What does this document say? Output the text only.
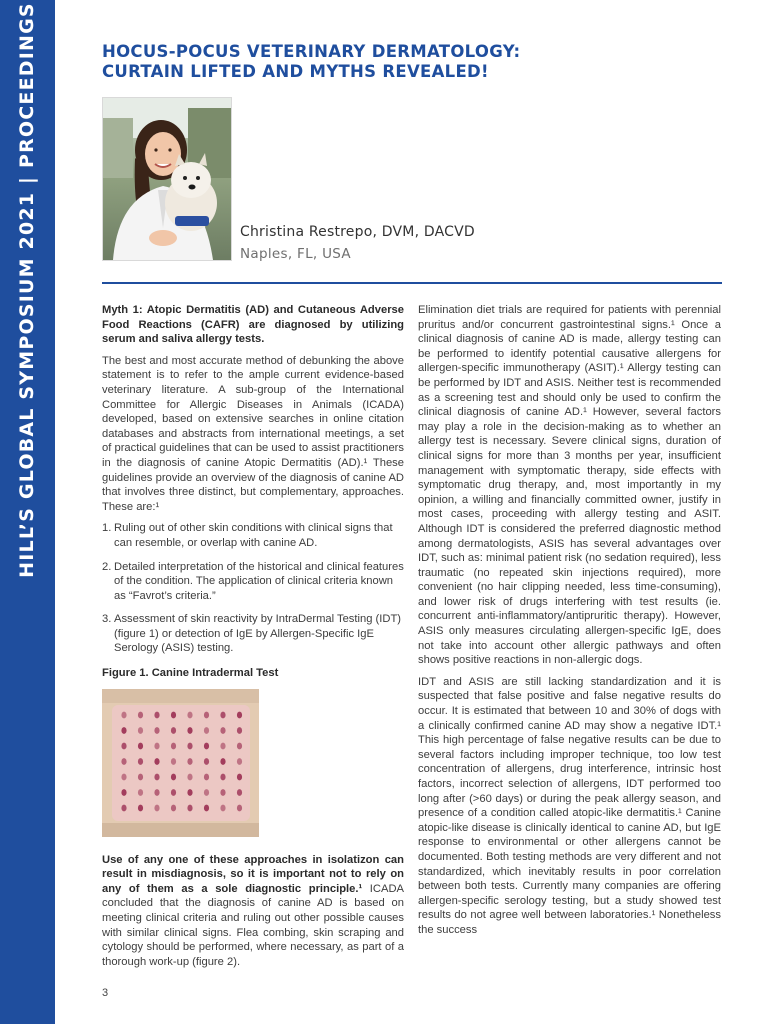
HILL’S GLOBAL SYMPOSIUM 2021 | PROCEEDINGS	HOCUS-POCUS VETERINARY DERMATOLOGY:
CURTAIN LIFTED AND MYTHS REVEALED!
Christina Restrepo, DVM, DACVD
Naples, FL, USA

Myth 1: Atopic Dermatitis (AD) and Cutaneous Adverse Food Reactions (CAFR) are diagnosed by utilizing serum and saliva allergy tests.

The best and most accurate method of debunking the above statement is to refer to the ample current evidence-based veterinary literature. A sub-group of the International Committee for Allergic Diseases in Animals (ICADA) developed, based on extensive searches in online citation databases and abstracts from international meetings, a set of practical guidelines that can be used to assist practitioners in the diagnosis of canine Atopic Dermatitis (AD).¹ These guidelines provide an overview of the diagnosis of canine AD that involves three distinct, but complementary, approaches. These are:¹

1. Ruling out of other skin conditions with clinical signs that can resemble, or overlap with canine AD.
2. Detailed interpretation of the historical and clinical features of the condition. The application of clinical criteria known as “Favrot’s criteria.”
3. Assessment of skin reactivity by IntraDermal Testing (IDT) (figure 1) or detection of IgE by Allergen-Specific IgE Serology (ASIS) testing.
Figure 1. Canine Intradermal Test

Use of any one of these approaches in isolatizon can result in misdiagnosis, so it is important not to rely on any of them as a sole diagnostic principle.¹ ICADA concluded that the diagnosis of canine AD is based on meeting clinical criteria and ruling out other possible causes with similar clinical signs. Flea combing, skin scraping and cytology should be performed, where necessary, as part of a thorough work-up (figure 2).

Elimination diet trials are required for patients with perennial pruritus and/or concurrent gastrointestinal signs.¹ Once a clinical diagnosis of canine AD is made, allergy testing can be performed to identify potential causative allergens for allergen-specific immunotherapy (ASIT).¹ Allergy testing can be performed by IDT and ASIS. Neither test is recommended as a screening test and should only be used to confirm the clinical diagnosis of canine AD.¹ However, several factors may play a role in the decision-making as to whether an allergy test is necessary. Severe clinical signs, duration of clinical signs for more than 3 months per year, insufficient management with symptomatic therapy, side effects with symptomatic drug therapy, and, most importantly in my opinion, a willing and financially committed owner, justify in most cases, proceeding with allergy testing and ASIT. Although IDT is considered the preferred diagnostic method among dermatologists, ASIS has several advantages over IDT, such as: minimal patient risk (no sedation required), less traumatic (no repeated skin injections required), more convenient (no hair clipping needed, less time-consuming), and lower risk of drugs interfering with test results (ie. concurrent anti-inflammatory/antipruritic therapy). However, ASIS only measures circulating allergen-specific IgE, does not take into account other allergic pathways and often shows positive reactions in non-allergic dogs.

IDT and ASIS are still lacking standardization and it is suspected that false positive and false negative results do occur. It is estimated that between 10 and 30% of dogs with a clinically confirmed canine AD may show a negative IDT.¹ This high percentage of false negative results can be due to several factors including improper technique, too low test concentration of allergens, drug interference, intrinsic host factors, incorrect selection of allergens, IDT performed too long after (>60 days) or during the peak allergy season, and presence of a condition called atopic-like dermatitis.¹ Canine atopic-like disease is clinically identical to canine AD, but IgE response to environmental or other allergens cannot be documented. Both testing methods are very different and not standardized, which inevitably results in poor correlation between both tests. Currently many companies are offering allergen-specific serology testing, but a study showed test results do not agree well between laboratories.¹ Nonetheless the success

3
